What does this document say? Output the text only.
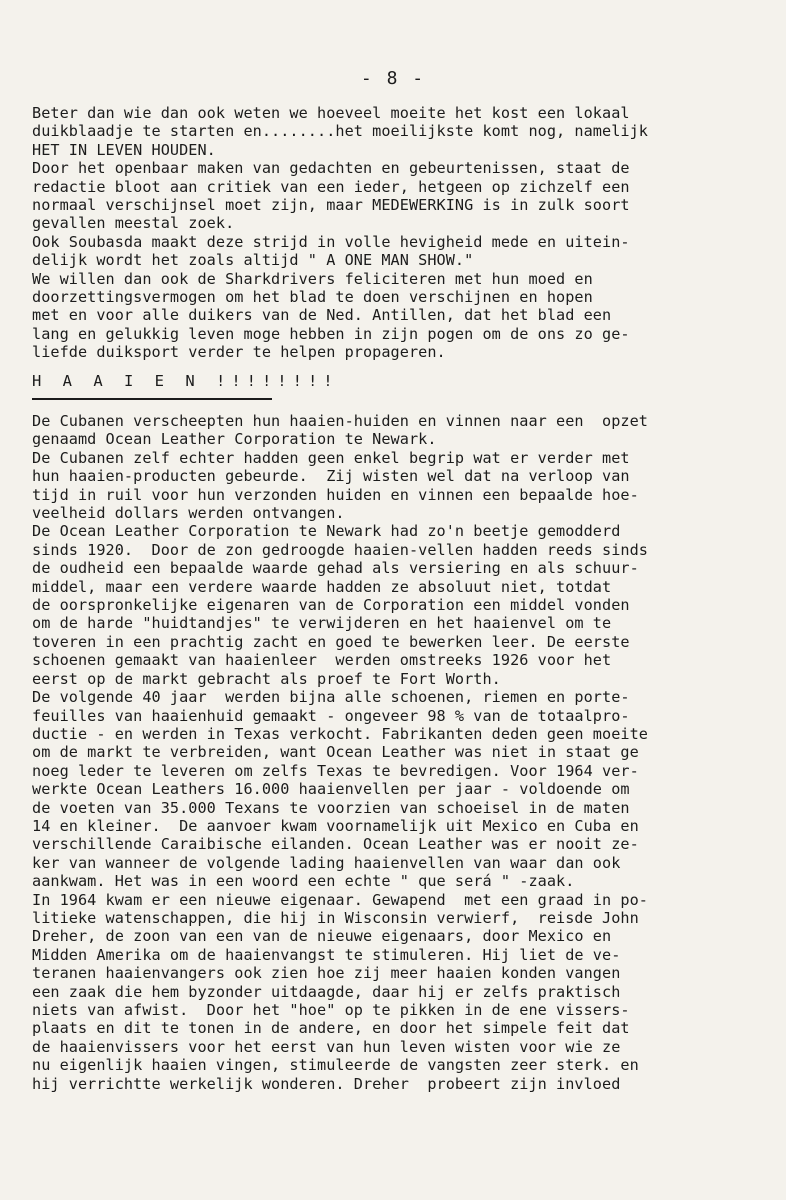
- 8 -
Beter dan wie dan ook weten we hoeveel moeite het kost een lokaal
duikblaadje te starten en........het moeilijkste komt nog, namelijk
HET IN LEVEN HOUDEN.
Door het openbaar maken van gedachten en gebeurtenissen, staat de
redactie bloot aan critiek van een ieder, hetgeen op zichzelf een
normaal verschijnsel moet zijn, maar MEDEWERKING is in zulk soort
gevallen meestal zoek.
Ook Soubasda maakt deze strijd in volle hevigheid mede en uitein-
delijk wordt het zoals altijd " A ONE MAN SHOW."
We willen dan ook de Sharkdrivers feliciteren met hun moed en
doorzettingsvermogen om het blad te doen verschijnen en hopen
met en voor alle duikers van de Ned. Antillen, dat het blad een
lang en gelukkig leven moge hebben in zijn pogen om de ons zo ge-
liefde duiksport verder te helpen propageren.
H A A I E N !!!!!!!!
De Cubanen verscheepten hun haaien-huiden en vinnen naar een  opzet
genaamd Ocean Leather Corporation te Newark.
De Cubanen zelf echter hadden geen enkel begrip wat er verder met
hun haaien-producten gebeurde.  Zij wisten wel dat na verloop van
tijd in ruil voor hun verzonden huiden en vinnen een bepaalde hoe-
veelheid dollars werden ontvangen.
De Ocean Leather Corporation te Newark had zo'n beetje gemodderd
sinds 1920.  Door de zon gedroogde haaien-vellen hadden reeds sinds
de oudheid een bepaalde waarde gehad als versiering en als schuur-
middel, maar een verdere waarde hadden ze absoluut niet, totdat
de oorspronkelijke eigenaren van de Corporation een middel vonden
om de harde "huidtandjes" te verwijderen en het haaienvel om te
toveren in een prachtig zacht en goed te bewerken leer. De eerste
schoenen gemaakt van haaienleer  werden omstreeks 1926 voor het
eerst op de markt gebracht als proef te Fort Worth.
De volgende 40 jaar  werden bijna alle schoenen, riemen en porte-
feuilles van haaienhuid gemaakt - ongeveer 98 % van de totaalpro-
ductie - en werden in Texas verkocht. Fabrikanten deden geen moeite
om de markt te verbreiden, want Ocean Leather was niet in staat ge
noeg leder te leveren om zelfs Texas te bevredigen. Voor 1964 ver-
werkte Ocean Leathers 16.000 haaienvellen per jaar - voldoende om
de voeten van 35.000 Texans te voorzien van schoeisel in de maten
14 en kleiner.  De aanvoer kwam voornamelijk uit Mexico en Cuba en
verschillende Caraibische eilanden. Ocean Leather was er nooit ze-
ker van wanneer de volgende lading haaienvellen van waar dan ook
aankwam. Het was in een woord een echte " que será " -zaak.
In 1964 kwam er een nieuwe eigenaar. Gewapend  met een graad in po-
litieke watenschappen, die hij in Wisconsin verwierf,  reisde John
Dreher, de zoon van een van de nieuwe eigenaars, door Mexico en
Midden Amerika om de haaienvangst te stimuleren. Hij liet de ve-
teranen haaienvangers ook zien hoe zij meer haaien konden vangen
een zaak die hem byzonder uitdaagde, daar hij er zelfs praktisch
niets van afwist.  Door het "hoe" op te pikken in de ene vissers-
plaats en dit te tonen in de andere, en door het simpele feit dat
de haaienvissers voor het eerst van hun leven wisten voor wie ze
nu eigenlijk haaien vingen, stimuleerde de vangsten zeer sterk. en
hij verrichtte werkelijk wonderen. Dreher  probeert zijn invloed
